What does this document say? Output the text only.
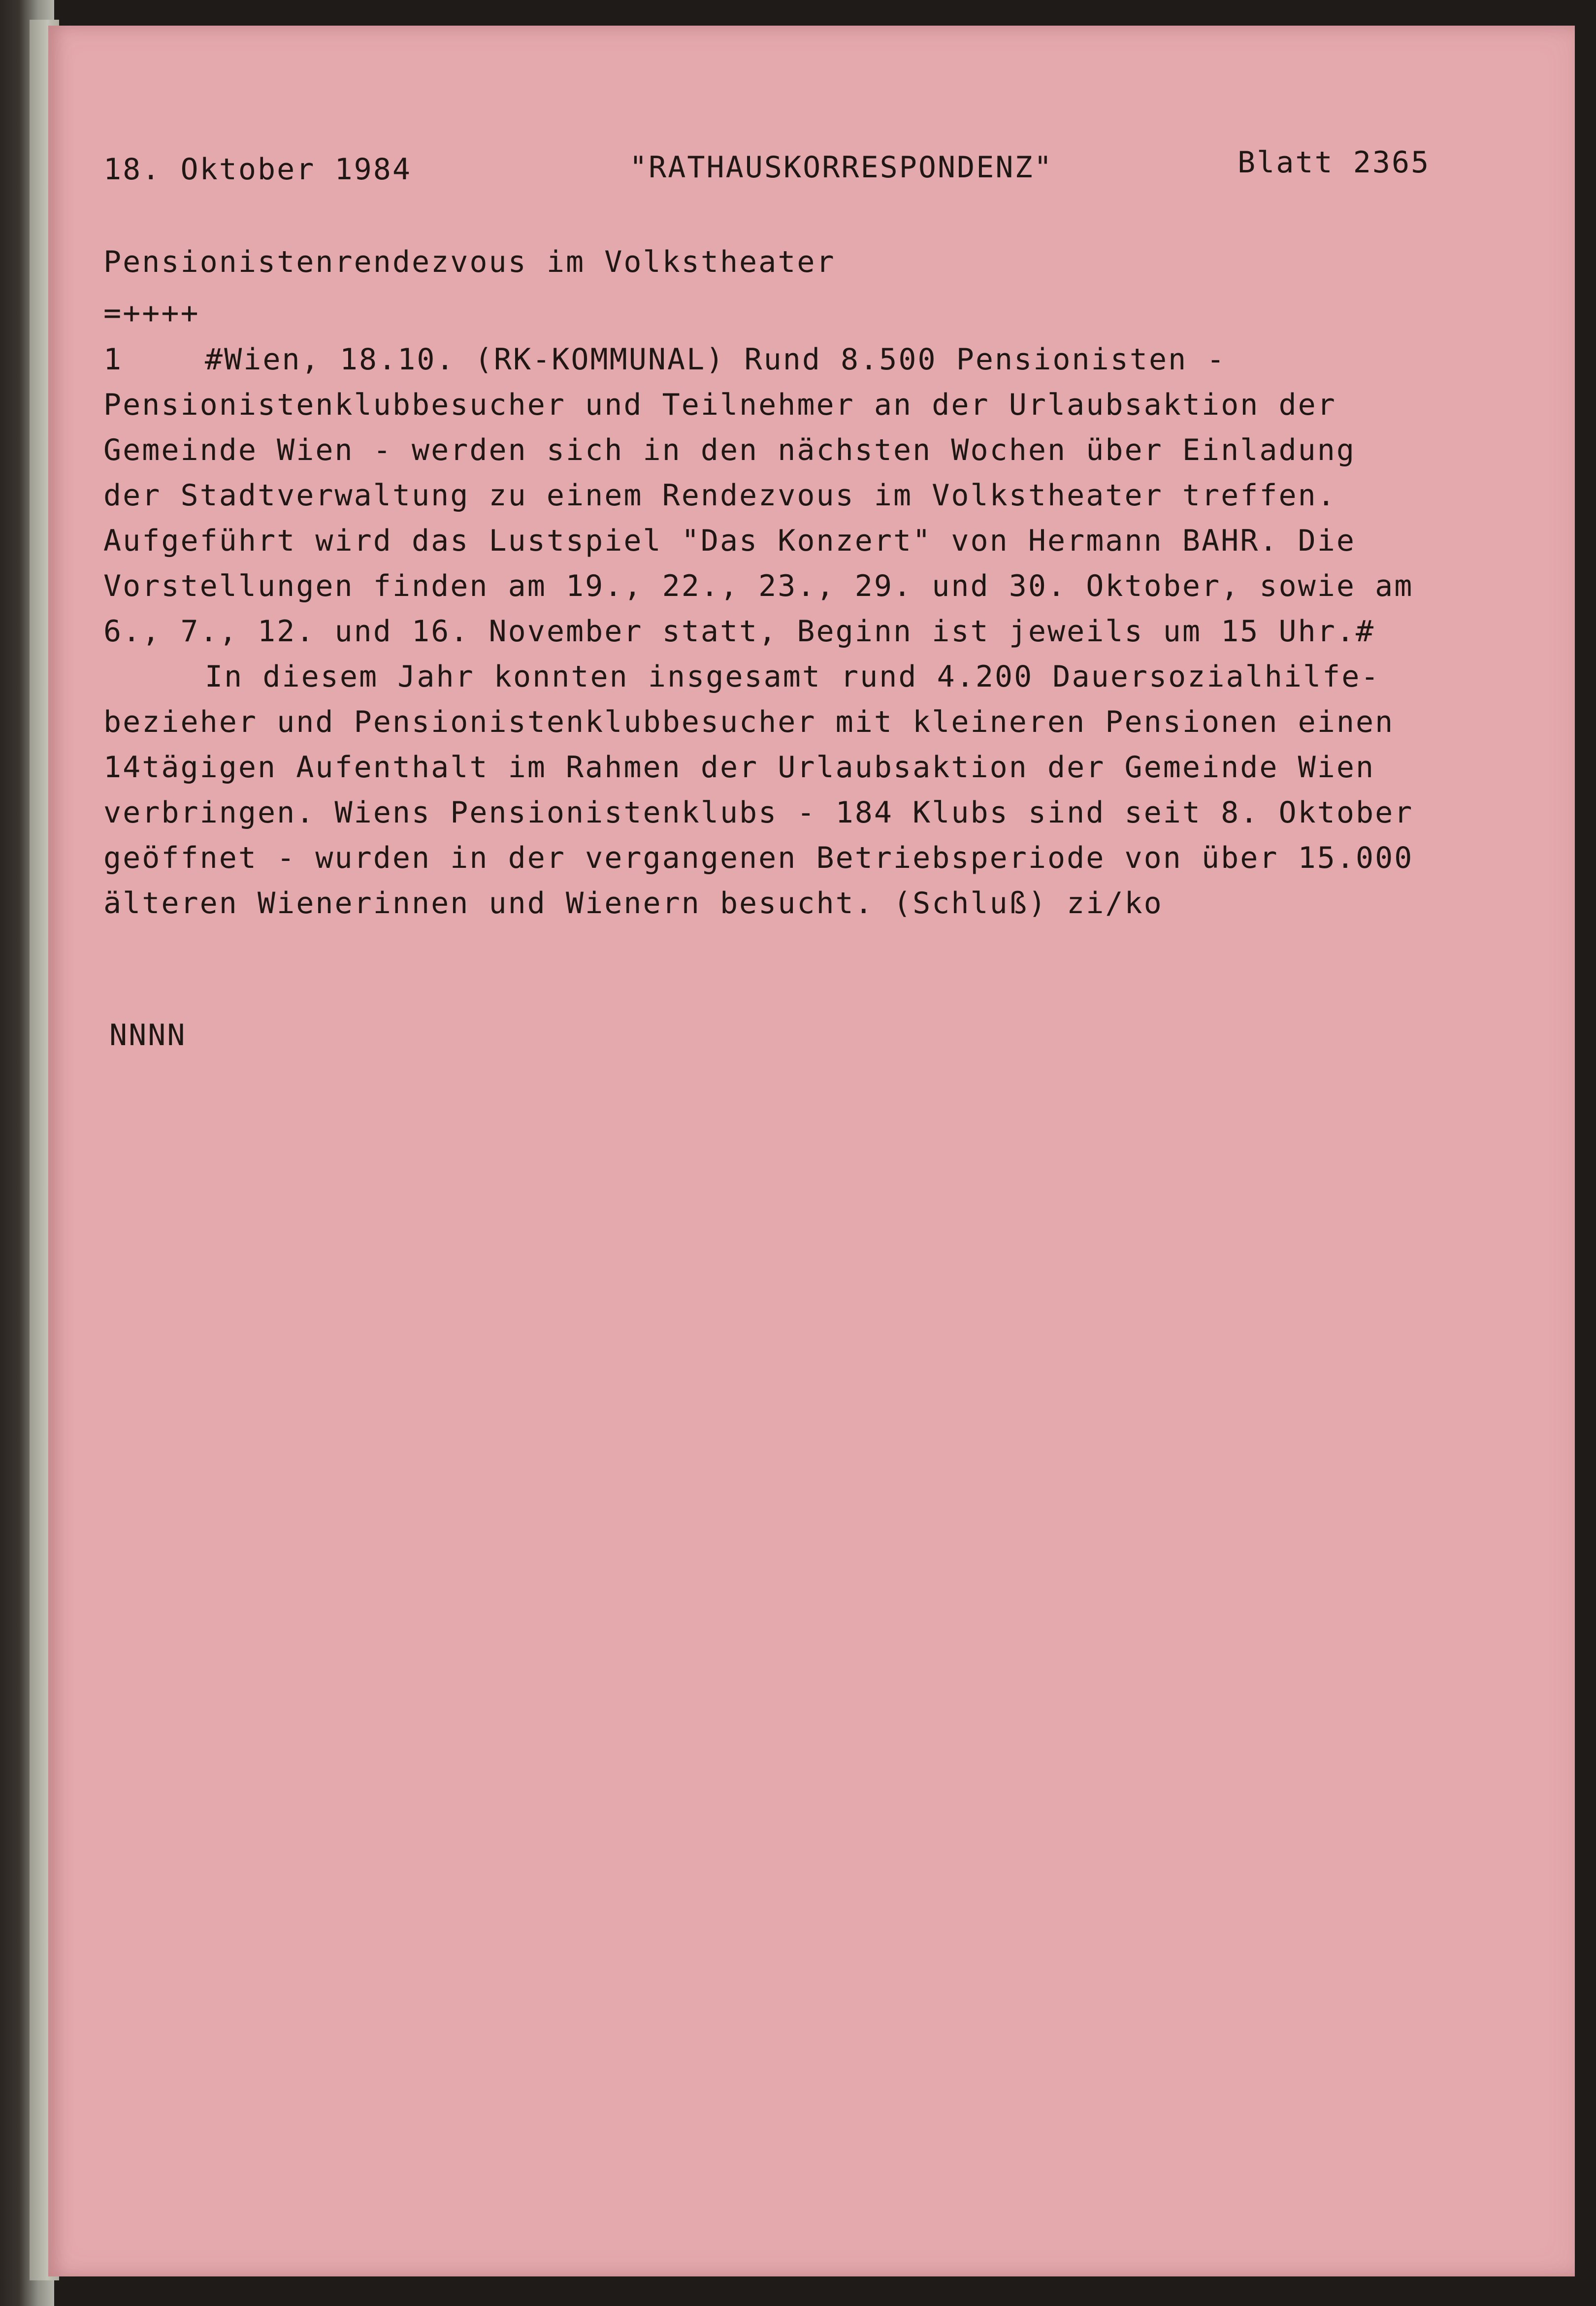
18. Oktober 1984	"RATHAUSKORRESPONDENZ"	Blatt 2365
Pensionistenrendezvous im Volkstheater
=++++
1	#Wien, 18.10. (RK-KOMMUNAL) Rund 8.500 Pensionisten -
Pensionistenklubbesucher und Teilnehmer an der Urlaubsaktion der
Gemeinde Wien - werden sich in den nächsten Wochen über Einladung
der Stadtverwaltung zu einem Rendezvous im Volkstheater treffen.
Aufgeführt wird das Lustspiel "Das Konzert" von Hermann BAHR. Die
Vorstellungen finden am 19., 22., 23., 29. und 30. Oktober, sowie am
6., 7., 12. und 16. November statt, Beginn ist jeweils um 15 Uhr.#
In diesem Jahr konnten insgesamt rund 4.200 Dauersozialhilfe-
bezieher und Pensionistenklubbesucher mit kleineren Pensionen einen
14tägigen Aufenthalt im Rahmen der Urlaubsaktion der Gemeinde Wien
verbringen. Wiens Pensionistenklubs - 184 Klubs sind seit 8. Oktober
geöffnet - wurden in der vergangenen Betriebsperiode von über 15.000
älteren Wienerinnen und Wienern besucht. (Schluß) zi/ko
NNNN
